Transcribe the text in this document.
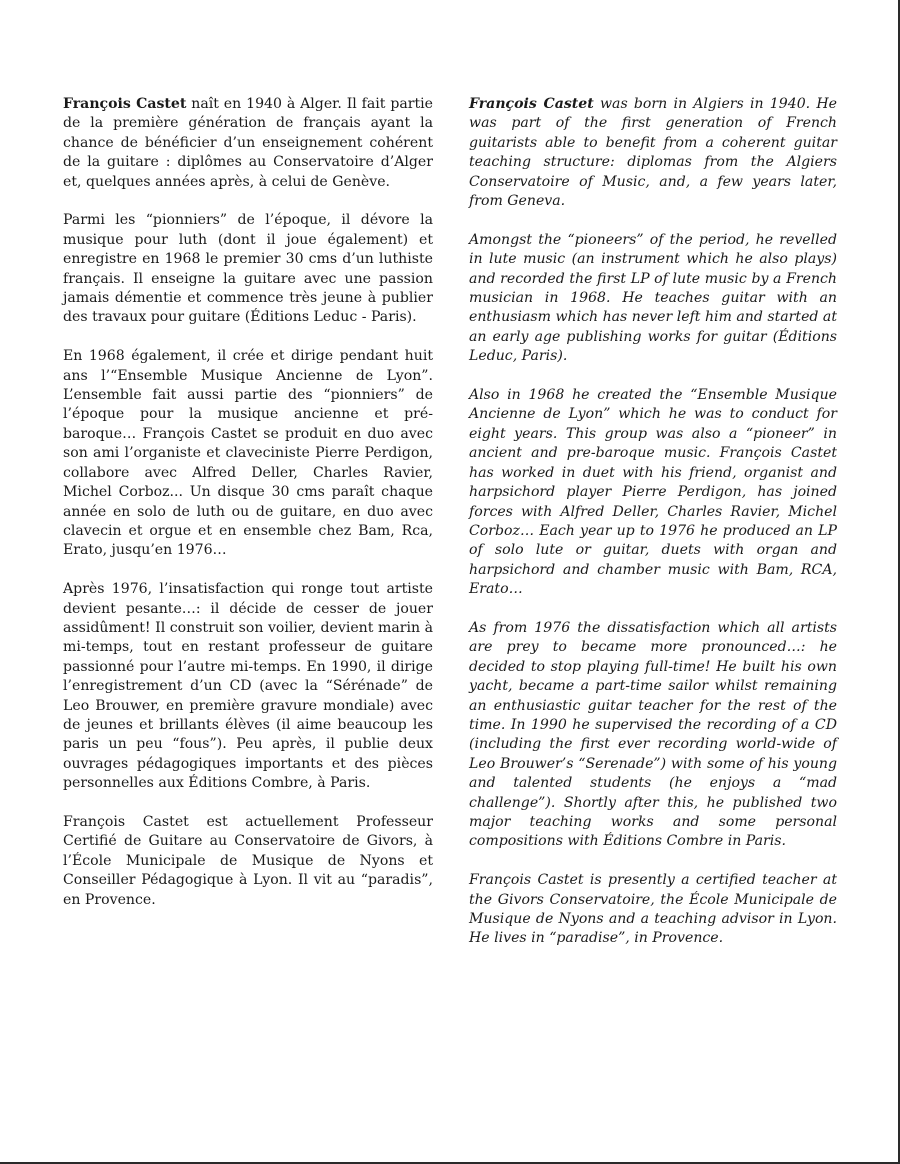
François Castet naît en 1940 à Alger. Il fait partie de la première génération de français ayant la chance de bénéficier d’un enseignement cohérent de la guitare : diplômes au Conservatoire d’Alger et, quelques années après, à celui de Genève.

Parmi les “pionniers” de l’époque, il dévore la musique pour luth (dont il joue également) et enregistre en 1968 le premier 30 cms d’un luthiste français. Il enseigne la guitare avec une passion jamais démentie et commence très jeune à publier des travaux pour guitare (Éditions Leduc - Paris).

En 1968 également, il crée et dirige pendant huit ans l’“Ensemble Musique Ancienne de Lyon”. L’ensemble fait aussi partie des “pionniers” de l’époque pour la musique ancienne et pré-baroque… François Castet se produit en duo avec son ami l’organiste et claveciniste Pierre Perdigon, collabore avec Alfred Deller, Charles Ravier, Michel Corboz... Un disque 30 cms paraît chaque année en solo de luth ou de guitare, en duo avec clavecin et orgue et en ensemble chez Bam, Rca, Erato, jusqu’en 1976…

Après 1976, l’insatisfaction qui ronge tout artiste devient pesante…: il décide de cesser de jouer assidûment! Il construit son voilier, devient marin à mi-temps, tout en restant professeur de guitare passionné pour l’autre mi-temps. En 1990, il dirige l’enregistrement d’un CD (avec la “Sérénade” de Leo Brouwer, en première gravure mondiale) avec de jeunes et brillants élèves (il aime beaucoup les paris un peu “fous”). Peu après, il publie deux ouvrages pédagogiques importants et des pièces personnelles aux Éditions Combre, à Paris.

François Castet est actuellement Professeur Certifié de Guitare au Conservatoire de Givors, à l’École Municipale de Musique de Nyons et Conseiller Pédagogique à Lyon. Il vit au “paradis”, en Provence.

François Castet was born in Algiers in 1940. He was part of the first generation of French guitarists able to benefit from a coherent guitar teaching structure: diplomas from the Algiers Conservatoire of Music, and, a few years later, from Geneva.

Amongst the “pioneers” of the period, he revelled in lute music (an instrument which he also plays) and recorded the first LP of lute music by a French musician in 1968. He teaches guitar with an enthusiasm which has never left him and started at an early age publishing works for guitar (Éditions Leduc, Paris).

Also in 1968 he created the “Ensemble Musique Ancienne de Lyon” which he was to conduct for eight years. This group was also a “pioneer” in ancient and pre-baroque music. François Castet has worked in duet with his friend, organist and harpsichord player Pierre Perdigon, has joined forces with Alfred Deller, Charles Ravier, Michel Corboz… Each year up to 1976 he produced an LP of solo lute or guitar, duets with organ and harpsichord and chamber music with Bam, RCA, Erato…

As from 1976 the dissatisfaction which all artists are prey to became more pronounced…: he decided to stop playing full-time! He built his own yacht, became a part-time sailor whilst remaining an enthusiastic guitar teacher for the rest of the time. In 1990 he supervised the recording of a CD (including the first ever recording world-wide of Leo Brouwer’s “Serenade”) with some of his young and talented students (he enjoys a “mad challenge”). Shortly after this, he published two major teaching works and some personal compositions with Éditions Combre in Paris.

François Castet is presently a certified teacher at the Givors Conservatoire, the École Municipale de Musique de Nyons and a teaching advisor in Lyon. He lives in “paradise”, in Provence.
